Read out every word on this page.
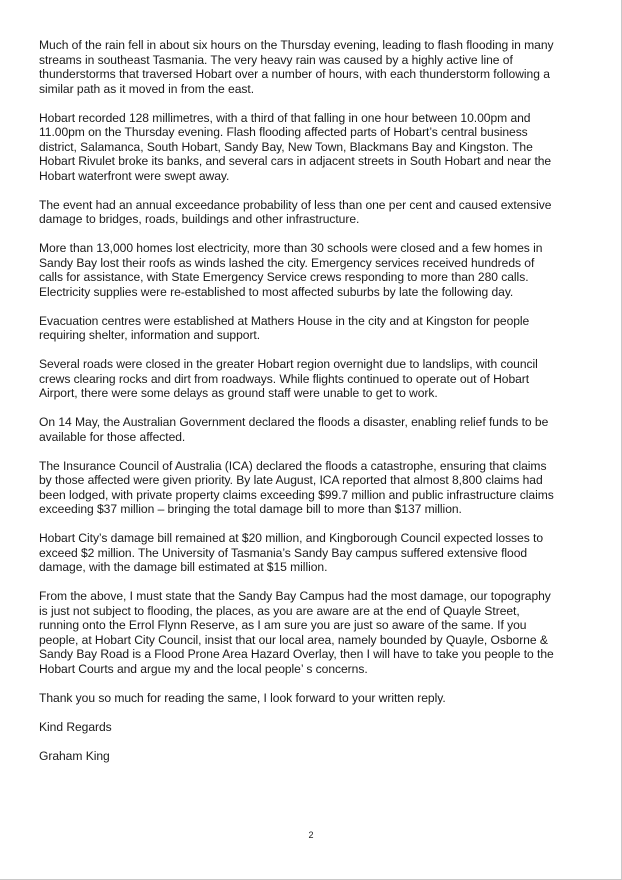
Much of the rain fell in about six hours on the Thursday evening, leading to flash flooding in many
streams in southeast Tasmania. The very heavy rain was caused by a highly active line of
thunderstorms that traversed Hobart over a number of hours, with each thunderstorm following a
similar path as it moved in from the east.

Hobart recorded 128 millimetres, with a third of that falling in one hour between 10.00pm and
11.00pm on the Thursday evening. Flash flooding affected parts of Hobart’s central business
district, Salamanca, South Hobart, Sandy Bay, New Town, Blackmans Bay and Kingston. The
Hobart Rivulet broke its banks, and several cars in adjacent streets in South Hobart and near the
Hobart waterfront were swept away.

The event had an annual exceedance probability of less than one per cent and caused extensive
damage to bridges, roads, buildings and other infrastructure.

More than 13,000 homes lost electricity, more than 30 schools were closed and a few homes in
Sandy Bay lost their roofs as winds lashed the city. Emergency services received hundreds of
calls for assistance, with State Emergency Service crews responding to more than 280 calls.
Electricity supplies were re-established to most affected suburbs by late the following day.

Evacuation centres were established at Mathers House in the city and at Kingston for people
requiring shelter, information and support.

Several roads were closed in the greater Hobart region overnight due to landslips, with council
crews clearing rocks and dirt from roadways. While flights continued to operate out of Hobart
Airport, there were some delays as ground staff were unable to get to work.

On 14 May, the Australian Government declared the floods a disaster, enabling relief funds to be
available for those affected.

The Insurance Council of Australia (ICA) declared the floods a catastrophe, ensuring that claims
by those affected were given priority. By late August, ICA reported that almost 8,800 claims had
been lodged, with private property claims exceeding $99.7 million and public infrastructure claims
exceeding $37 million – bringing the total damage bill to more than $137 million.

Hobart City’s damage bill remained at $20 million, and Kingborough Council expected losses to
exceed $2 million. The University of Tasmania’s Sandy Bay campus suffered extensive flood
damage, with the damage bill estimated at $15 million.

From the above, I must state that the Sandy Bay Campus had the most damage, our topography
is just not subject to flooding, the places, as you are aware are at the end of Quayle Street,
running onto the Errol Flynn Reserve, as I am sure you are just so aware of the same. If you
people, at Hobart City Council, insist that our local area, namely bounded by Quayle, Osborne &
Sandy Bay Road is a Flood Prone Area Hazard Overlay, then I will have to take you people to the
Hobart Courts and argue my and the local people’ s concerns.

Thank you so much for reading the same, I look forward to your written reply.

Kind Regards

Graham King

2
